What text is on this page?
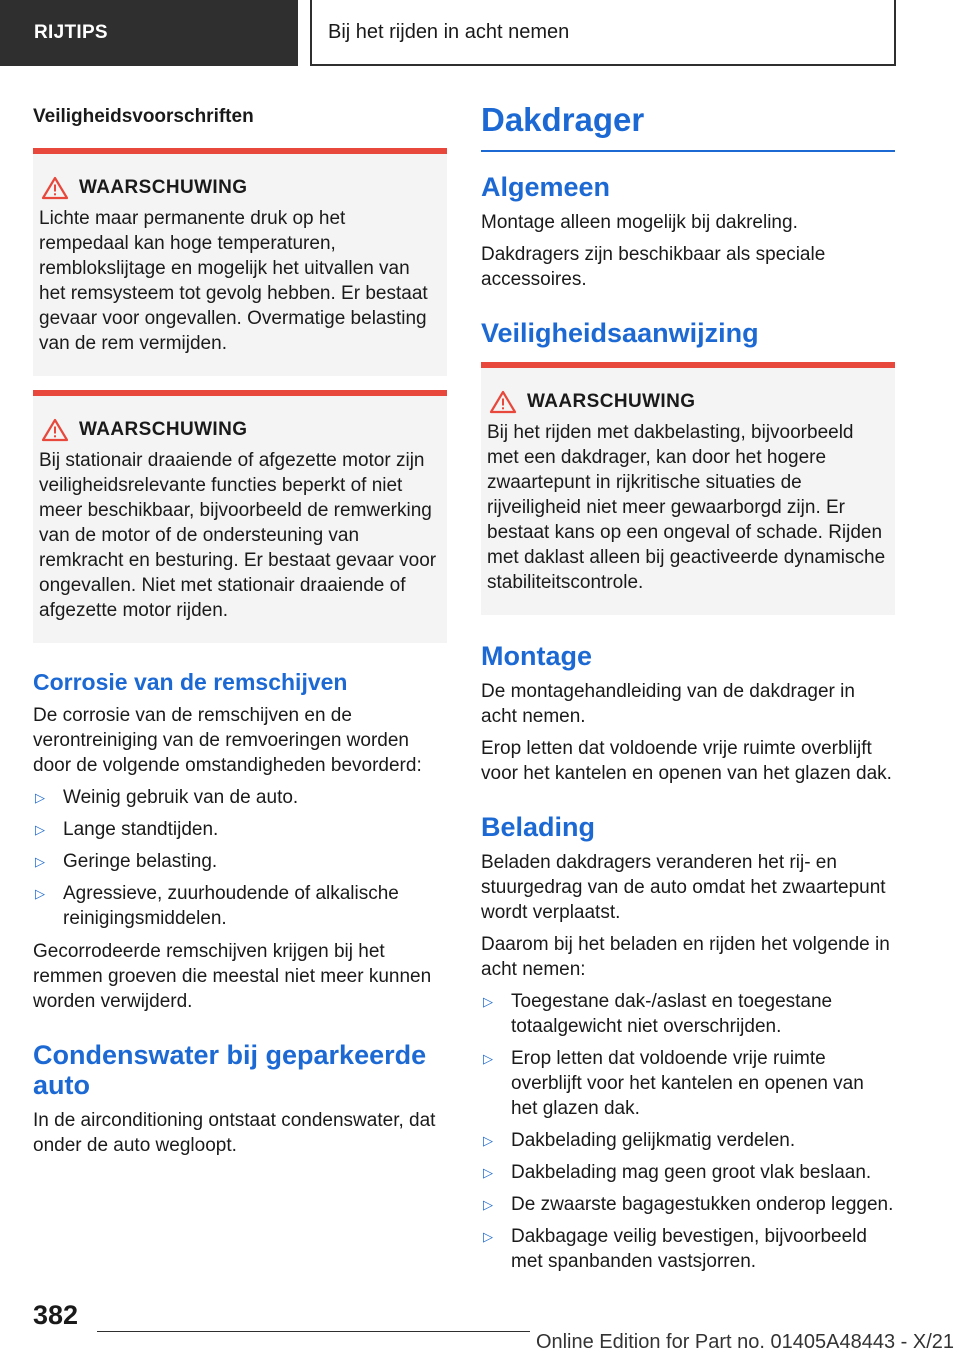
RIJTIPS	Bij het rijden in acht nemen
Veiligheidsvoorschriften
WAARSCHUWING
Lichte maar permanente druk op het rempedaal kan hoge temperaturen, remblokslijtage en mogelijk het uitvallen van het remsysteem tot gevolg hebben. Er bestaat gevaar voor ongevallen. Overmatige belasting van de rem vermijden.
WAARSCHUWING
Bij stationair draaiende of afgezette motor zijn veiligheidsrelevante functies beperkt of niet meer beschikbaar, bijvoorbeeld de remwerking van de motor of de ondersteuning van remkracht en besturing. Er bestaat gevaar voor ongevallen. Niet met stationair draaiende of afgezette motor rijden.
Corrosie van de remschijven

De corrosie van de remschijven en de verontreiniging van de remvoeringen worden door de volgende omstandigheden bevorderd:

▷ Weinig gebruik van de auto.
▷ Lange standtijden.
▷ Geringe belasting.
▷ Agressieve, zuurhoudende of alkalische reinigingsmiddelen.

Gecorrodeerde remschijven krijgen bij het remmen groeven die meestal niet meer kunnen worden verwijderd.

Condenswater bij geparkeerde auto

In de airconditioning ontstaat condenswater, dat onder de auto wegloopt.

Dakdrager
Algemeen

Montage alleen mogelijk bij dakreling.

Dakdragers zijn beschikbaar als speciale accessoires.

Veiligheidsaanwijzing
WAARSCHUWING
Bij het rijden met dakbelasting, bijvoorbeeld met een dakdrager, kan door het hogere zwaartepunt in rijkritische situaties de rijveiligheid niet meer gewaarborgd zijn. Er bestaat kans op een ongeval of schade. Rijden met daklast alleen bij geactiveerde dynamische stabiliteitscontrole.
Montage

De montagehandleiding van de dakdrager in acht nemen.

Erop letten dat voldoende vrije ruimte overblijft voor het kantelen en openen van het glazen dak.

Belading

Beladen dakdragers veranderen het rij- en stuurgedrag van de auto omdat het zwaartepunt wordt verplaatst.

Daarom bij het beladen en rijden het volgende in acht nemen:

▷ Toegestane dak-/aslast en toegestane totaalgewicht niet overschrijden.
▷ Erop letten dat voldoende vrije ruimte overblijft voor het kantelen en openen van het glazen dak.
▷ Dakbelading gelijkmatig verdelen.
▷ Dakbelading mag geen groot vlak beslaan.
▷ De zwaarste bagagestukken onderop leggen.
▷ Dakbagage veilig bevestigen, bijvoorbeeld met spanbanden vastsjorren.
382
Online Edition for Part no. 01405A48443 - X/21
